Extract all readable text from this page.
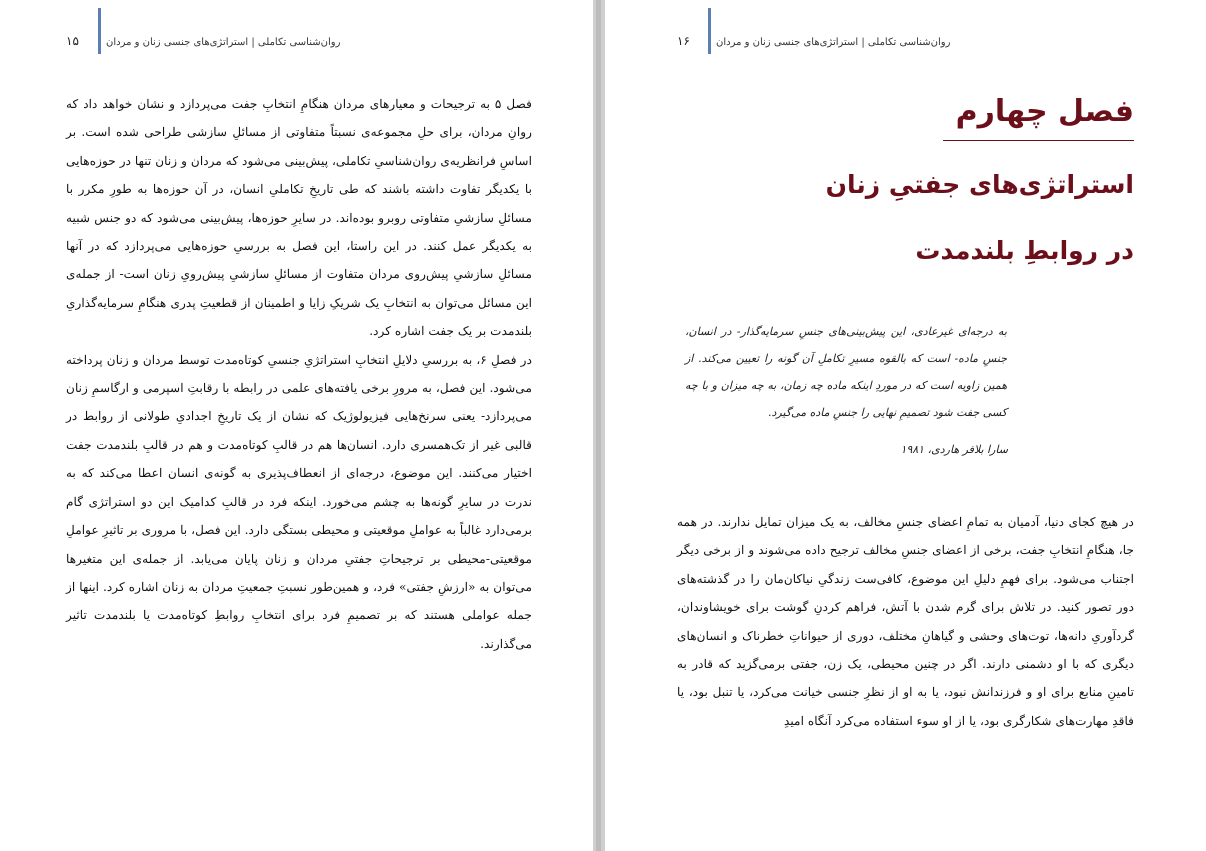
۱۵	روان‌شناسی تکاملی | استراتژی‌های جنسی زنان و مردان

فصل ۵ به ترجیحات و معیارهای مردان هنگامِ انتخابِ جفت می‌پردازد و نشان خواهد داد که روانِ مردان، برای حلِ مجموعه‌ی نسبتاً متفاوتی از مسائلِ سازشی طراحی شده است. بر اساسِ فرانظریه‌ی روان‌شناسیِ تکاملی، پیش‌بینی می‌شود که مردان و زنان تنها در حوزه‌هایی با یکدیگر تفاوت داشته باشند که طی تاریخِ تکاملیِ انسان، در آن حوزه‌ها به طورِ مکرر با مسائلِ سازشیِ متفاوتی روبرو بوده‌اند. در سایرِ حوزه‌ها، پیش‌بینی می‌شود که دو جنس شبیه به یکدیگر عمل کنند. در این راستا، این فصل به بررسیِ حوزه‌هایی می‌پردازد که در آنها مسائلِ سازشیِ پیش‌روی مردان متفاوت از مسائلِ سازشیِ پیش‌رویِ زنان است- از جمله‌ی این مسائل می‌توان به انتخابِ یک شریکِ زایا و اطمینان از قطعیتِ پدری هنگامِ سرمایه‌گذاریِ بلندمدت بر یک جفت اشاره کرد.

در فصلِ ۶، به بررسیِ دلایلِ انتخابِ استراتژیِ جنسیِ کوتاه‌مدت توسط مردان و زنان پرداخته می‌شود. این فصل، به مرورِ برخی یافته‌های علمی در رابطه با رقابتِ اسپرمی و ارگاسمِ زنان می‌پردازد- یعنی سرنخ‌هایی فیزیولوژیک که نشان از یک تاریخِ اجدادیِ طولانی از روابط در قالبی غیر از تک‌همسری دارد. انسان‌ها هم در قالبِ کوتاه‌مدت و هم در قالبِ بلندمدت جفت اختیار می‌کنند. این موضوع، درجه‌ای از انعطاف‌پذیری به گونه‌ی انسان اعطا می‌کند که به ندرت در سایرِ گونه‌ها به چشم می‌خورد. اینکه فرد در قالبِ کدامیک این دو استراتژی گام برمی‌دارد غالباً به عواملِ موقعیتی و محیطی بستگی دارد. این فصل، با مروری بر تاثیرِ عواملِ موقعیتی-محیطی بر ترجیحاتِ جفتیِ مردان و زنان پایان می‌یابد. از جمله‌ی این متغیرها می‌توان به «ارزشِ جفتی» فرد، و همین‌طور نسبتِ جمعیتِ مردان به زنان اشاره کرد. اینها از جمله عواملی هستند که بر تصمیمِ فرد برای انتخابِ روابطِ کوتاه‌مدت یا بلندمدت تاثیر می‌گذارند.

۱۶	روان‌شناسی تکاملی | استراتژی‌های جنسی زنان و مردان
فصل چهارم
استراتژی‌های جفتیِ زنان
در روابطِ بلندمدت
به درجه‌ای غیرعادی، این پیش‌بینی‌های جنسِ سرمایه‌گذار- در انسان، جنسِ ماده- است که بالقوه مسیرِ تکاملِ آن گونه را تعیین می‌کند. از همین زاویه است که در موردِ اینکه ماده چه زمان، به چه میزان و با چه کسی جفت شود تصمیمِ نهایی را جنسِ ماده می‌گیرد.
سارا بلافر هاردی، ۱۹۸۱

در هیچ کجای دنیا، آدمیان به تمامِ اعضای جنسِ مخالف، به یک میزان تمایل ندارند. در همه جا، هنگامِ انتخابِ جفت، برخی از اعضای جنسِ مخالف ترجیح داده می‌شوند و از برخی دیگر اجتناب می‌شود. برای فهمِ دلیلِ این موضوع، کافی‌ست زندگیِ نیاکان‌مان را در گذشته‌های دور تصور کنید. در تلاش برای گرم شدن با آتش، فراهم کردنِ گوشت برای خویشاوندان، گردآوریِ دانه‌ها، توت‌های وحشی و گیاهانِ مختلف، دوری از حیواناتِ خطرناک و انسان‌های دیگری که با او دشمنی دارند. اگر در چنین محیطی، یک زن، جفتی برمی‌گزید که قادر به تامینِ منابع برای او و فرزندانش نبود، یا به او از نظرِ جنسی خیانت می‌کرد، یا تنبل بود، یا فاقدِ مهارت‌های شکارگری بود، یا از او سوء استفاده می‌کرد آنگاه امیدِ
